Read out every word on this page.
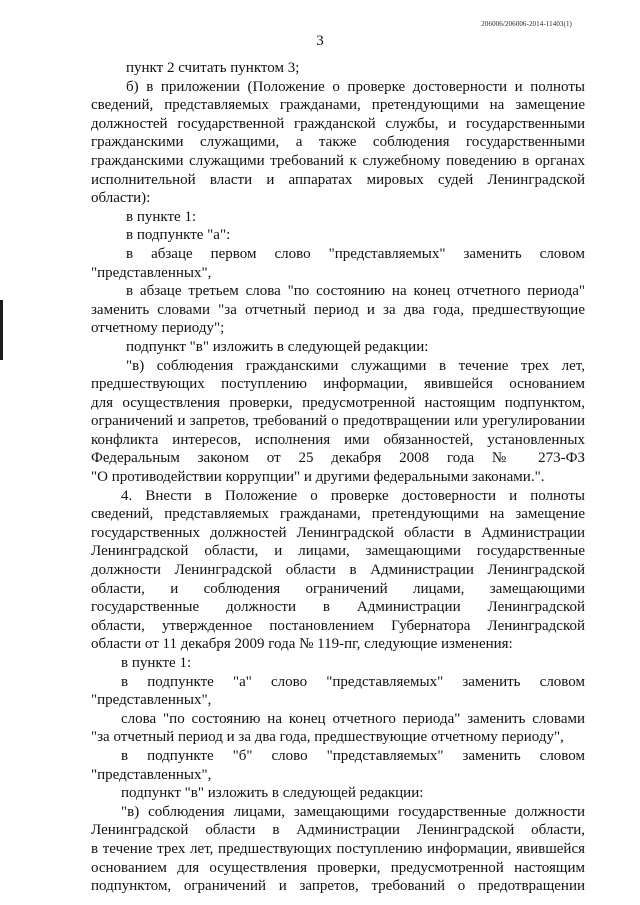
206006/206006-2014-11403(1)
3
пункт 2 считать пунктом 3;
б) в приложении (Положение о проверке достоверности и полноты
сведений, представляемых гражданами, претендующими на замещение
должностей государственной гражданской службы, и государственными
гражданскими служащими, а также соблюдения государственными
гражданскими служащими требований к служебному поведению в органах
исполнительной власти и аппаратах мировых судей Ленинградской
области):
в пункте 1:
в подпункте "а":
в абзаце первом слово "представляемых" заменить словом
"представленных",
в абзаце третьем слова "по состоянию на конец отчетного периода"
заменить словами "за отчетный период и за два года, предшествующие
отчетному периоду";
подпункт "в" изложить в следующей редакции:
"в) соблюдения гражданскими служащими в течение трех лет,
предшествующих поступлению информации, явившейся основанием
для осуществления проверки, предусмотренной настоящим подпунктом,
ограничений и запретов, требований о предотвращении или урегулировании
конфликта интересов, исполнения ими обязанностей, установленных
Федеральным законом от 25 декабря 2008 года № 273-ФЗ
"О противодействии коррупции" и другими федеральными законами.".
4. Внести в Положение о проверке достоверности и полноты
сведений, представляемых гражданами, претендующими на замещение
государственных должностей Ленинградской области в Администрации
Ленинградской области, и лицами, замещающими государственные
должности Ленинградской области в Администрации Ленинградской
области, и соблюдения ограничений лицами, замещающими
государственные должности в Администрации Ленинградской
области, утвержденное постановлением Губернатора Ленинградской
области от 11 декабря 2009 года № 119-пг, следующие изменения:
в пункте 1:
в подпункте "а" слово "представляемых" заменить словом
"представленных",
слова "по состоянию на конец отчетного периода" заменить словами
"за отчетный период и за два года, предшествующие отчетному периоду",
в подпункте "б" слово "представляемых" заменить словом
"представленных",
подпункт "в" изложить в следующей редакции:
"в) соблюдения лицами, замещающими государственные должности
Ленинградской области в Администрации Ленинградской области,
в течение трех лет, предшествующих поступлению информации, явившейся
основанием для осуществления проверки, предусмотренной настоящим
подпунктом, ограничений и запретов, требований о предотвращении
